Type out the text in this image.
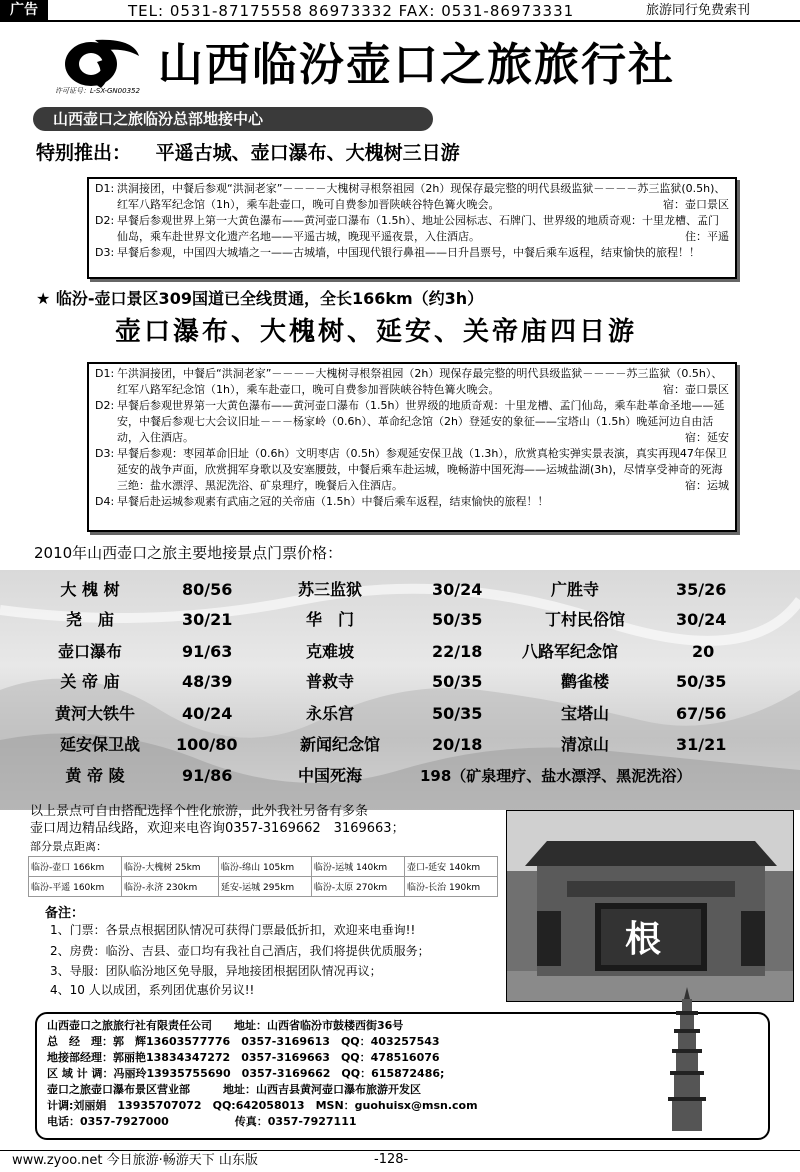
广告	TEL: 0531-87175558 86973332 FAX: 0531-86973331	旅游同行免费索刊
许可证号：L-SX-GN00352 山西临汾壶口之旅旅行社
山西壶口之旅临汾总部地接中心
特别推出： 平遥古城、壶口瀑布、大槐树三日游
D1: 洪洞接团，中餐后参观“洪洞老家”－－－－大槐树寻根祭祖园（2h）现保存最完整的明代县级监狱－－－－苏三监狱(0.5h)、红军八路军纪念馆（1h），乘车赴壶口，晚可自费参加晋陕峡谷特色篝火晚会。	宿：壶口景区
D2: 早餐后参观世界上第一大黄色瀑布——黄河壶口瀑布（1.5h）、地址公园标志、石牌门、世界级的地质奇观：十里龙槽、孟门仙岛，乘车赴世界文化遗产名地——平遥古城，晚现平遥夜景，入住酒店。	住：平遥
D3: 早餐后参观，中国四大城墙之一——古城墙，中国现代银行鼻祖——日升昌票号，中餐后乘车返程，结束愉快的旅程！！
★ 临汾-壶口景区309国道已全线贯通，全长166km（约3h）
壶口瀑布、大槐树、延安、关帝庙四日游
D1: 午洪洞接团，中餐后“洪洞老家”－－－－大槐树寻根祭祖园（2h）现保存最完整的明代县级监狱－－－－苏三监狱（0.5h）、红军八路军纪念馆（1h），乘车赴壶口，晚可自费参加晋陕峡谷特色篝火晚会。	宿：壶口景区
D2: 早餐后参观世界第一大黄色瀑布——黄河壶口瀑布（1.5h）世界级的地质奇观：十里龙槽、孟门仙岛，乘车赴革命圣地——延安，中餐后参观七大会议旧址－－－杨家岭（0.6h）、革命纪念馆（2h）登延安的象征——宝塔山（1.5h）晚延河边自由活动，入住酒店。	宿：延安
D3: 早餐后参观：枣园革命旧址（0.6h）文明枣店（0.5h）参观延安保卫战（1.3h），欣赏真枪实弹实景表演，真实再现47年保卫延安的战争声面，欣赏拥军身歌以及安塞腰鼓，中餐后乘车赴运城，晚畅游中国死海——运城盐湖(3h)，尽情享受神奇的死海三绝：盐水漂浮、黑泥洗浴、矿泉理疗，晚餐后入住酒店。	宿：运城
D4: 早餐后赴运城参观素有武庙之冠的关帝庙（1.5h）中餐后乘车返程，结束愉快的旅程！！
2010年山西壶口之旅主要地接景点门票价格：
大 槐 树	80/56	苏三监狱	30/24	广胜寺	35/26
尧　庙	30/21	华　门	50/35	丁村民俗馆	30/24
壶口瀑布	91/63	克难坡	22/18	八路军纪念馆	20
关 帝 庙	48/39	普救寺	50/35	鹳雀楼	50/35
黄河大铁牛	40/24	永乐宫	50/35	宝塔山	67/56
延安保卫战	100/80	新闻纪念馆	20/18	清凉山	31/21
黄 帝 陵	91/86	中国死海	198（矿泉理疗、盐水漂浮、黑泥洗浴）
以上景点可自由搭配选择个性化旅游，此外我社另备有多条
壶口周边精品线路，欢迎来电咨询0357-3169662　3169663；
部分景点距离：
临汾-壶口 166km	临汾-大槐树 25km	临汾-绵山 105km	临汾-运城 140km	壶口-延安 140km
临汾-平遥 160km	临汾-永济 230km	延安-运城 295km	临汾-太原 270km	临汾-长治 190km
备注：
1、门票：各景点根据团队情况可获得门票最低折扣，欢迎来电垂询!!
2、房费：临汾、吉县、壶口均有我社自己酒店，我们将提供优质服务；
3、导服：团队临汾地区免导服，异地接团根据团队情况再议；
4、10 人以成团，系列团优惠价另议!!
根
山西壶口之旅旅行社有限责任公司　　地址：山西省临汾市鼓楼西街36号
总　经　理：郭　辉13603577776　0357-3169613　QQ：403257543
地接部经理：郭丽艳13834347272　0357-3169663　QQ：478516076
区 域 计 调：冯丽玲13935755690　0357-3169662　QQ：615872486;
壶口之旅壶口瀑布景区营业部　　　地址：山西吉县黄河壶口瀑布旅游开发区
计调:刘丽娟　13935707072　QQ:642058013　MSN：guohuisx@msn.com
电话：0357-7927000　　　　　　传真：0357-7927111
www.zyoo.net 今日旅游·畅游天下 山东版	-128-
